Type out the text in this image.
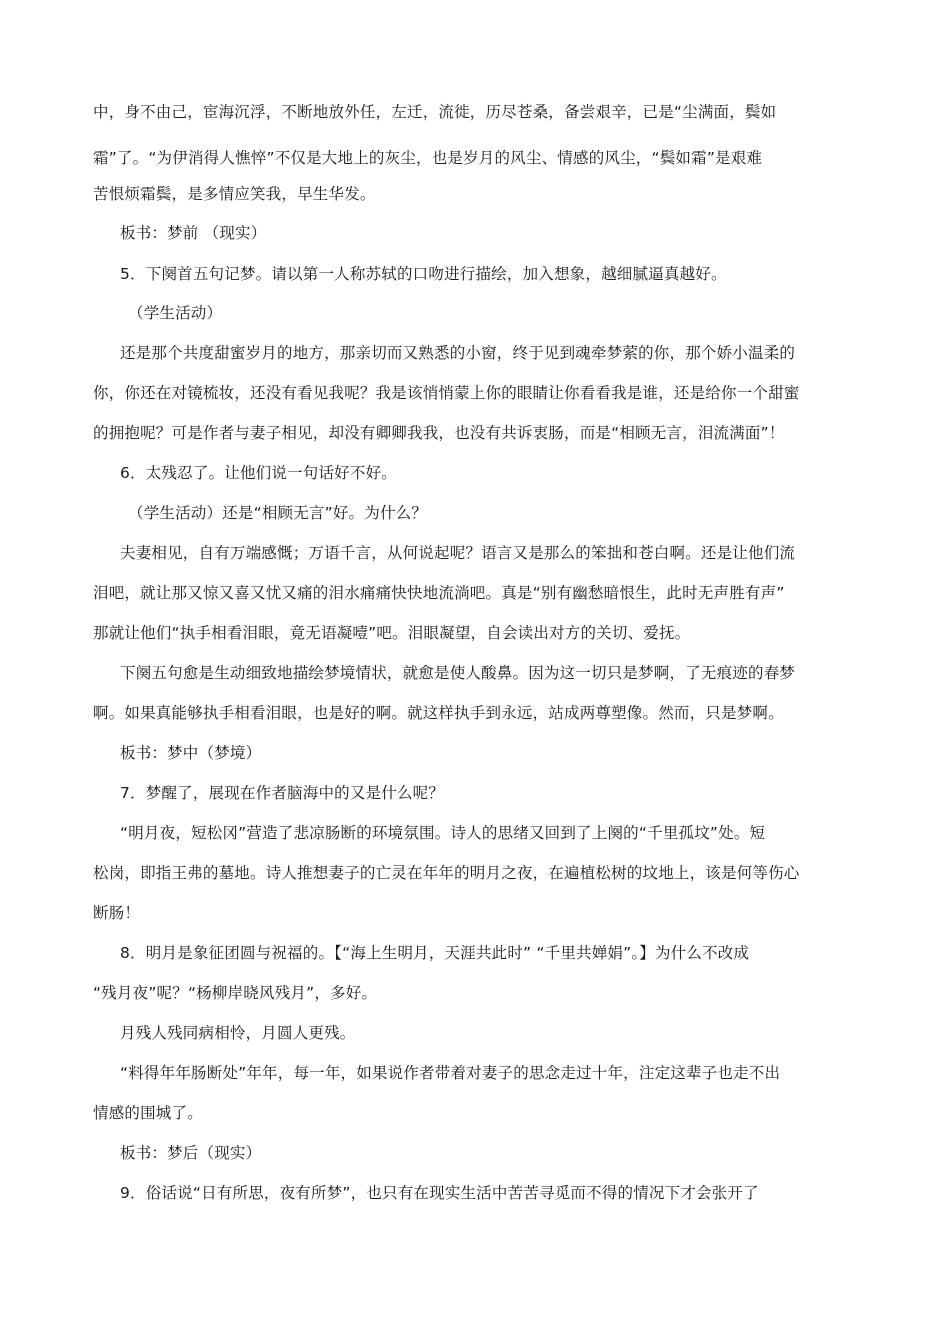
中，身不由己，宦海沉浮，不断地放外任，左迁，流徙，历尽苍桑，备尝艰辛，已是“尘满面，鬓如
霜”了。“为伊消得人憔悴”不仅是大地上的灰尘，也是岁月的风尘、情感的风尘，“鬓如霜”是艰难
苦恨烦霜鬓，是多情应笑我，早生华发。
板书：梦前 （现实）
5．下阕首五句记梦。请以第一人称苏轼的口吻进行描绘，加入想象，越细腻逼真越好。
（学生活动）
还是那个共度甜蜜岁月的地方，那亲切而又熟悉的小窗，终于见到魂牵梦萦的你，那个娇小温柔的
你，你还在对镜梳妆，还没有看见我呢？我是该悄悄蒙上你的眼睛让你看看我是谁，还是给你一个甜蜜
的拥抱呢？可是作者与妻子相见，却没有卿卿我我，也没有共诉衷肠，而是“相顾无言，泪流满面”！
6．太残忍了。让他们说一句话好不好。
（学生活动）还是“相顾无言”好。为什么？
夫妻相见，自有万端感慨；万语千言，从何说起呢？语言又是那么的笨拙和苍白啊。还是让他们流
泪吧，就让那又惊又喜又忧又痛的泪水痛痛快快地流淌吧。真是“别有幽愁暗恨生，此时无声胜有声”
那就让他们“执手相看泪眼，竟无语凝噎”吧。泪眼凝望，自会读出对方的关切、爱抚。
下阕五句愈是生动细致地描绘梦境情状，就愈是使人酸鼻。因为这一切只是梦啊，了无痕迹的春梦
啊。如果真能够执手相看泪眼，也是好的啊。就这样执手到永远，站成两尊塑像。然而，只是梦啊。
板书：梦中（梦境）
7．梦醒了，展现在作者脑海中的又是什么呢？
“明月夜，短松冈”营造了悲凉肠断的环境氛围。诗人的思绪又回到了上阕的“千里孤坟”处。短
松岗，即指王弗的墓地。诗人推想妻子的亡灵在年年的明月之夜，在遍植松树的坟地上，该是何等伤心
断肠！
8．明月是象征团圆与祝福的。【“海上生明月，天涯共此时” “千里共婵娟”。】为什么不改成
“残月夜”呢？“杨柳岸晓风残月”，多好。
月残人残同病相怜，月圆人更残。
“料得年年肠断处”年年，每一年，如果说作者带着对妻子的思念走过十年，注定这辈子也走不出
情感的围城了。
板书：梦后（现实）
9．俗话说“日有所思，夜有所梦”，也只有在现实生活中苦苦寻觅而不得的情况下才会张开了
